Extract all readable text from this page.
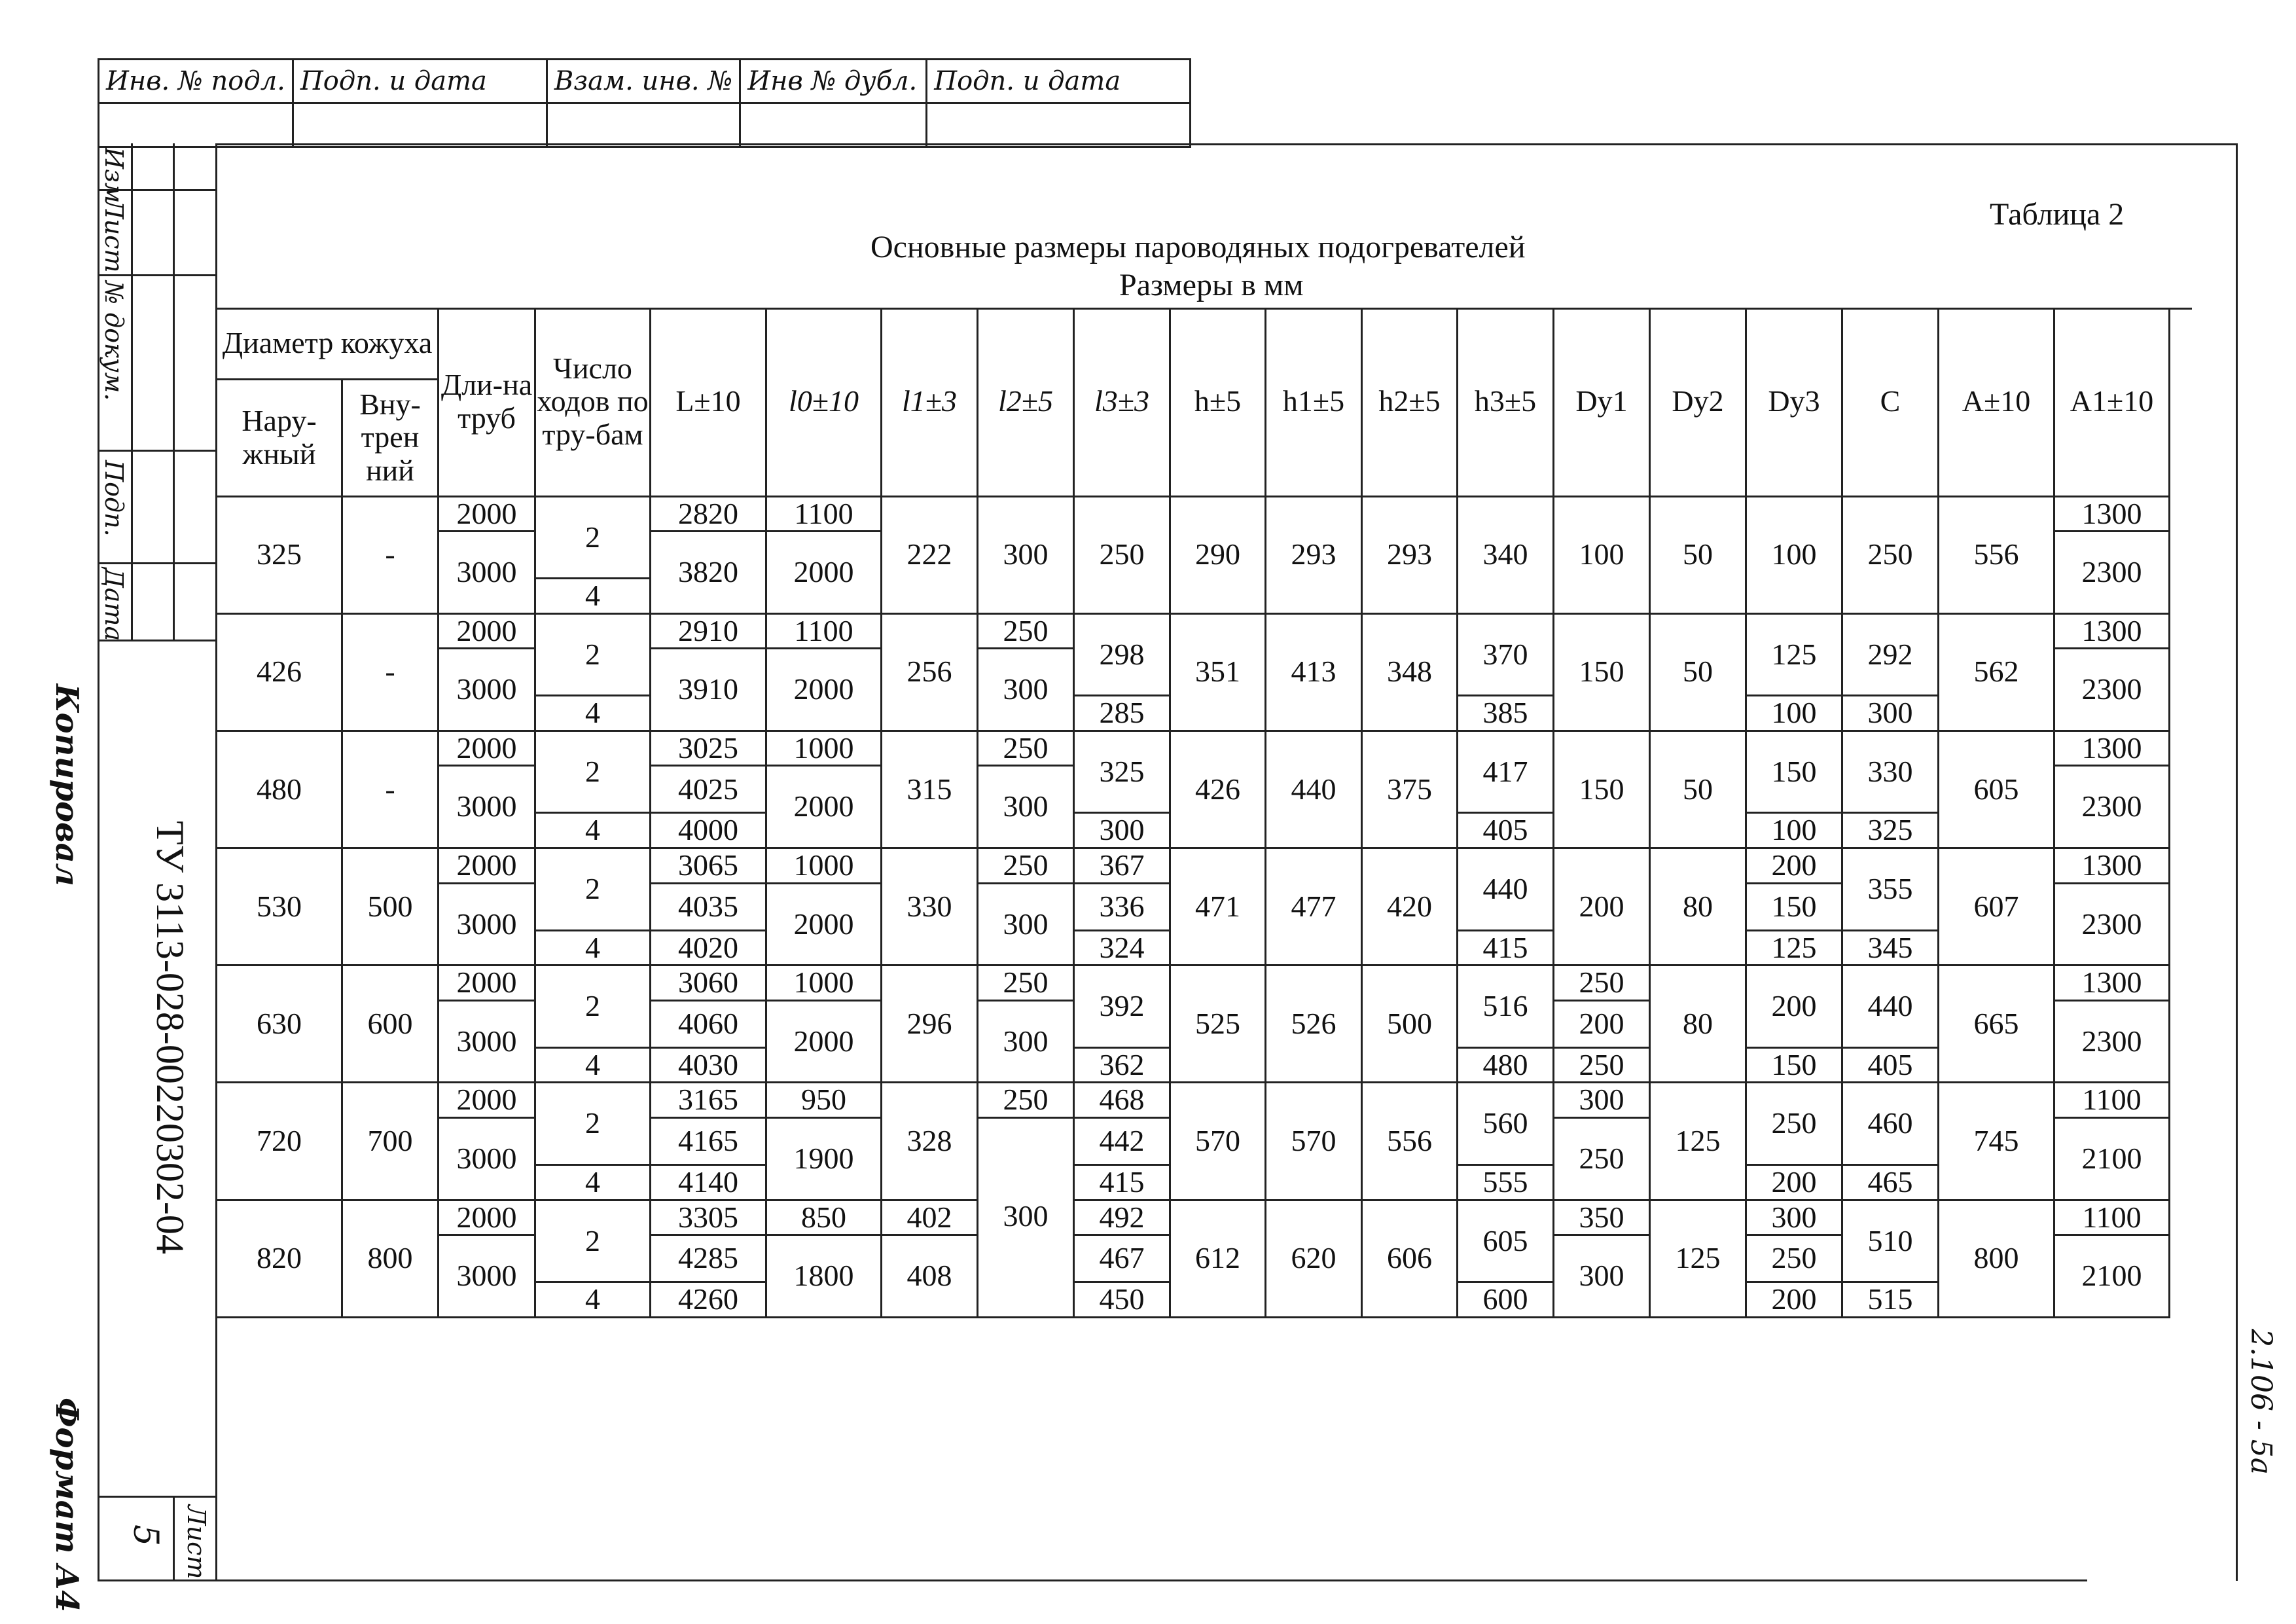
Инв. № подл.	Подп. и дата	Взам. инв. №	Инв № дубл.	Подп. и дата

Изм
Лист
№ докум.
Подп.
Дата
ТУ 3113-028-00220302-04
Лист
5
Копировал
Формат А4	2.106 - 5а
Таблица 2
Основные размеры пароводяных подогревателей
Размеры в мм
Диаметр кожуха		Дли-на труб	Число ходов по тру-бам	L±10	l0±10	l1±3	l2±5	l3±3	h±5	h1±5	h2±5	h3±5	Dy1	Dy2	Dy3	C	A±10	A1±10
Нару-жный	Вну-трен ний																	
325	-	2000	2	2820	1100	222	300	250	290	293	293	340	100	50	100	250	556	1300
		3000		3820	2000													2300

			4															
426	-	2000	2	2910	1100	256	250	298	351	413	348	370	150	50	125	292	562	1300
		3000		3910	2000		300											2300

			4					285				385			100	300		
480	-	2000	2	3025	1000	315	250	325	426	440	375	417	150	50	150	330	605	1300
		3000		4025	2000		300											2300

			4	4000				300				405			100	325		
530	500	2000	2	3065	1000	330	250	367	471	477	420	440	200	80	200	355	607	1300
		3000		4035	2000		300	336							150			2300

			4	4020				324				415			125	345		
630	600	2000	2	3060	1000	296	250	392	525	526	500	516	250	80	200	440	665	1300
		3000		4060	2000		300						200					2300

			4	4030				362				480	250		150	405		
720	700	2000	2	3165	950	328	250	468	570	570	556	560	300	125	250	460	745	1100
		3000		4165	1900			442					250					2100

			4	4140				415				555			200	465		
820	800	2000	2	3305	850	402	300	492	612	620	606	605	350	125	300	510	800	1100
		3000		4285	1800	408		467					300		250			2100

			4	4260				450				600			200	515		
